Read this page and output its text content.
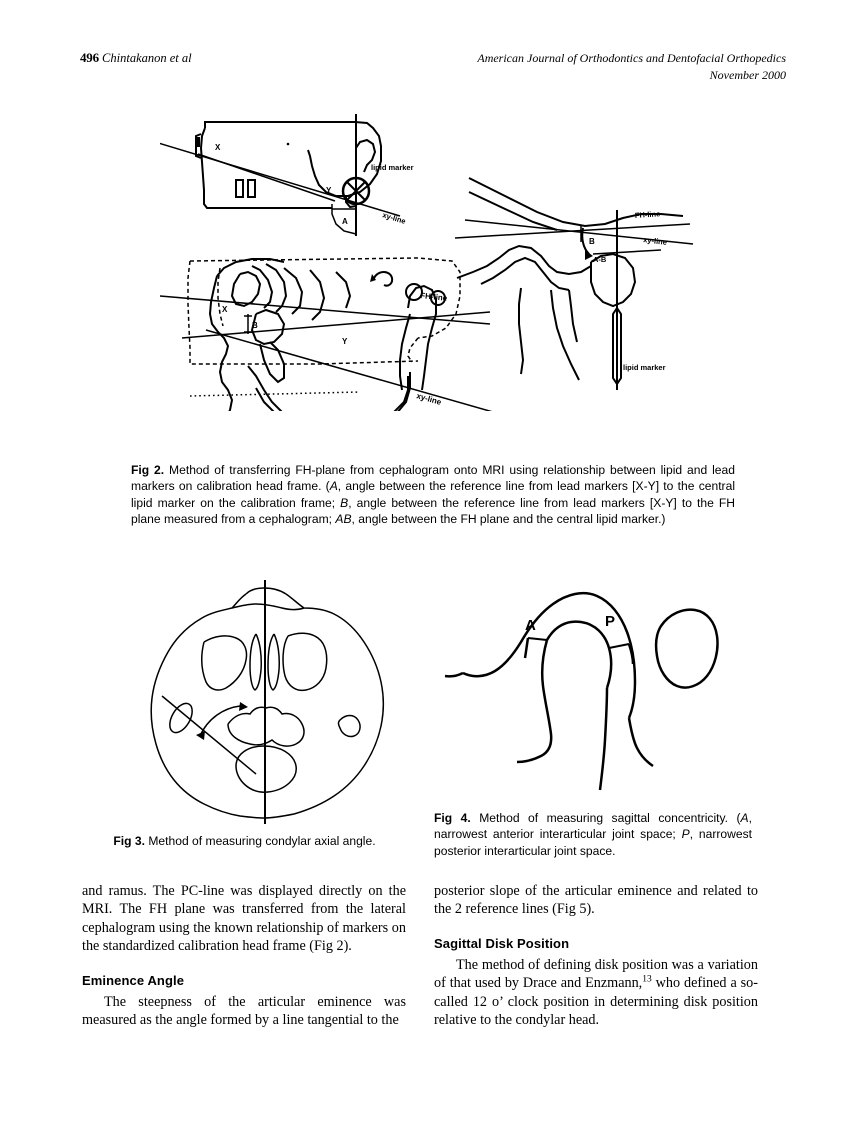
496 Chintakanon et al	American Journal of Orthodontics and Dentofacial Orthopedics
November 2000
X
Y
A
lipid marker
xy-line
X
B
Y
FH-line
xy-line
FH-line
xy-line
B
A-B
lipid marker
Fig 2. Method of transferring FH-plane from cephalogram onto MRI using relationship between lipid and lead markers on calibration head frame. (A, angle between the reference line from lead markers [X-Y] to the central lipid marker on the calibration frame; B, angle between the reference line from lead markers [X-Y] to the FH plane measured from a cephalogram; AB, angle between the FH plane and the central lipid marker.)
Fig 3. Method of measuring condylar axial angle.
A	P
Fig 4. Method of measuring sagittal concentricity. (A, narrowest anterior interarticular joint space; P, narrowest posterior interarticular joint space.

and ramus. The PC-line was displayed directly on the MRI. The FH plane was transferred from the lateral cephalogram using the known relationship of markers on the standardized calibration head frame (Fig 2).

Eminence Angle

The steepness of the articular eminence was measured as the angle formed by a line tangential to the

posterior slope of the articular eminence and related to the 2 reference lines (Fig 5).

Sagittal Disk Position

The method of defining disk position was a variation of that used by Drace and Enzmann,$^{13}$ who defined a so-called 12 o’ clock position in determining disk position relative to the condylar head.
